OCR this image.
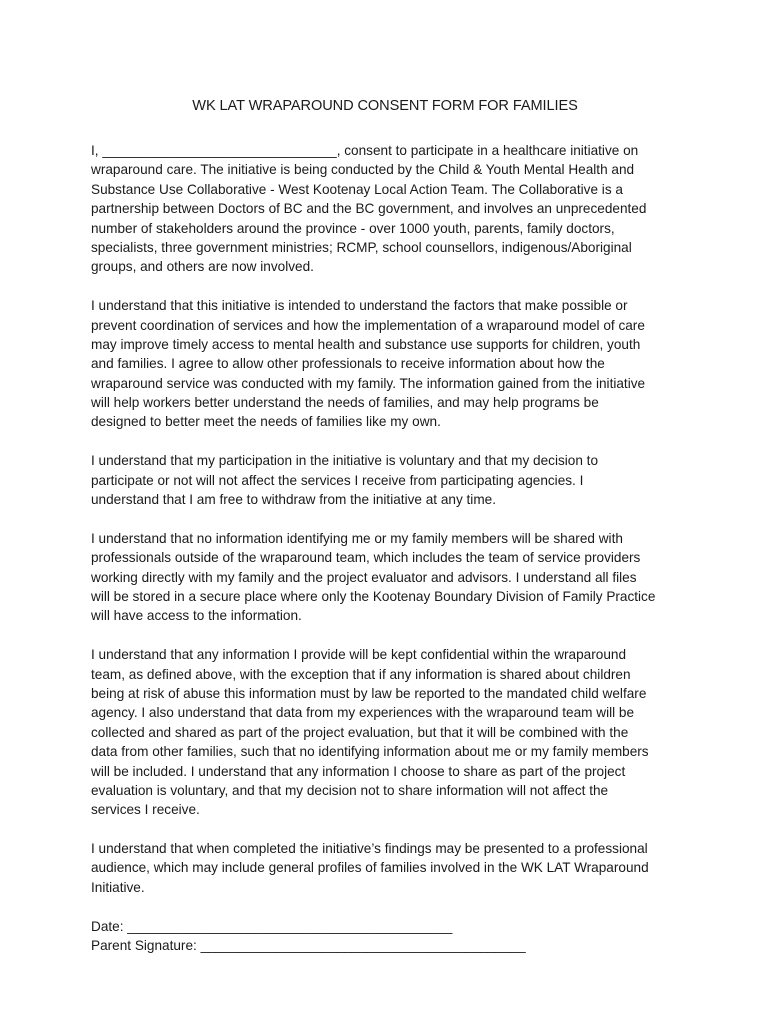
WK LAT WRAPAROUND CONSENT FORM FOR FAMILIES
I, _______________________________, consent to participate in a healthcare initiative on
wraparound care. The initiative is being conducted by the Child & Youth Mental Health and
Substance Use Collaborative - West Kootenay Local Action Team. The Collaborative is a
partnership between Doctors of BC and the BC government, and involves an unprecedented
number of stakeholders around the province - over 1000 youth, parents, family doctors,
specialists, three government ministries; RCMP, school counsellors, indigenous/Aboriginal
groups, and others are now involved.
I understand that this initiative is intended to understand the factors that make possible or
prevent coordination of services and how the implementation of a wraparound model of care
may improve timely access to mental health and substance use supports for children, youth
and families. I agree to allow other professionals to receive information about how the
wraparound service was conducted with my family. The information gained from the initiative
will help workers better understand the needs of families, and may help programs be
designed to better meet the needs of families like my own.
I understand that my participation in the initiative is voluntary and that my decision to
participate or not will not affect the services I receive from participating agencies. I
understand that I am free to withdraw from the initiative at any time.
I understand that no information identifying me or my family members will be shared with
professionals outside of the wraparound team, which includes the team of service providers
working directly with my family and the project evaluator and advisors. I understand all files
will be stored in a secure place where only the Kootenay Boundary Division of Family Practice
will have access to the information.
I understand that any information I provide will be kept confidential within the wraparound
team, as defined above, with the exception that if any information is shared about children
being at risk of abuse this information must by law be reported to the mandated child welfare
agency. I also understand that data from my experiences with the wraparound team will be
collected and shared as part of the project evaluation, but that it will be combined with the
data from other families, such that no identifying information about me or my family members
will be included. I understand that any information I choose to share as part of the project
evaluation is voluntary, and that my decision not to share information will not affect the
services I receive.
I understand that when completed the initiative’s findings may be presented to a professional
audience, which may include general profiles of families involved in the WK LAT Wraparound
Initiative.
Date: ___________________________________________
Parent Signature: ___________________________________________
